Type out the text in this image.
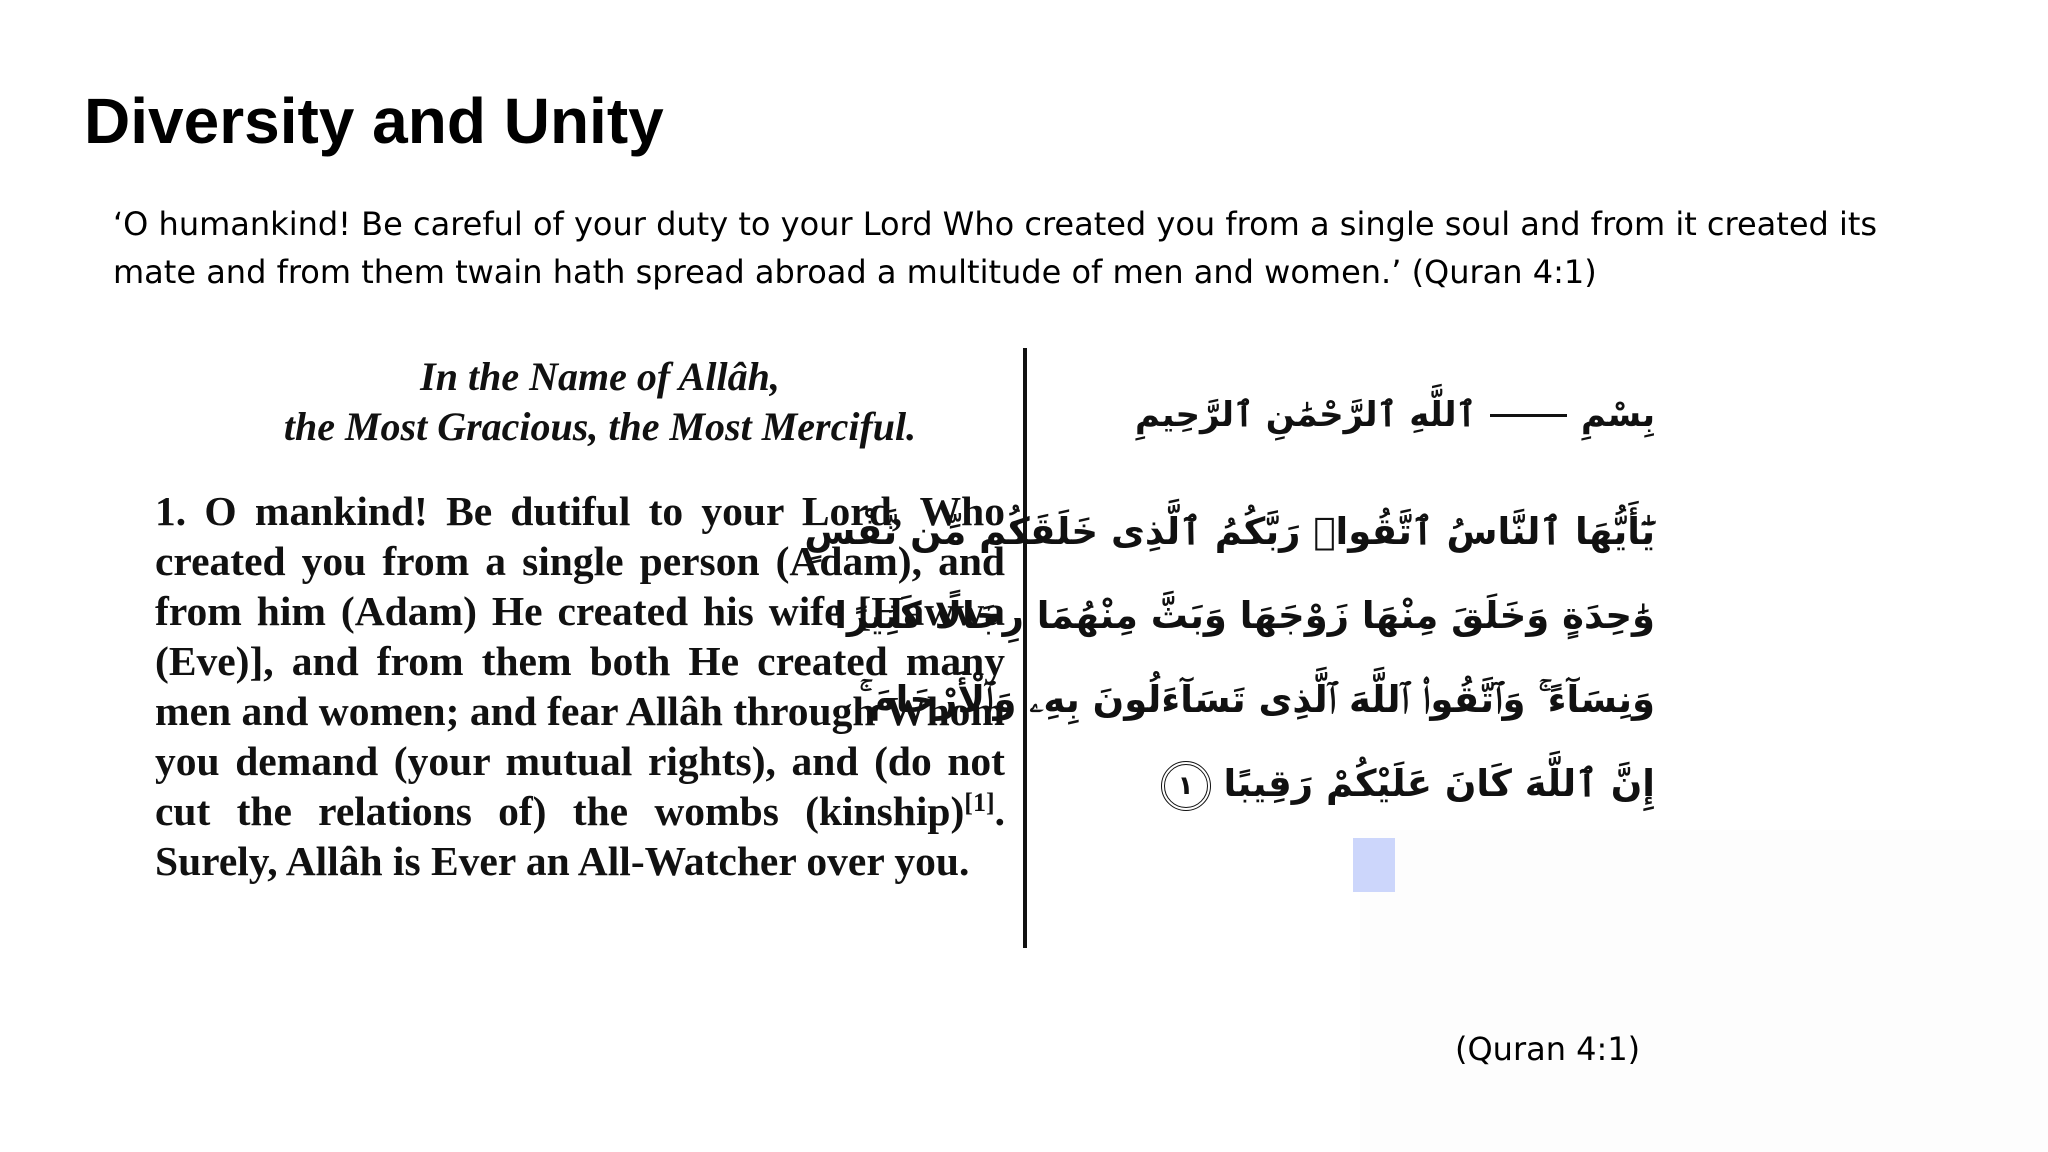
Diversity and Unity
‘O humankind! Be careful of your duty to your Lord Who created you from a single soul and from it created its
mate and from them twain hath spread abroad a multitude of men and women.’ (Quran 4:1)
In the Name of Allâh,
the Most Gracious, the Most Merciful.
1. O mankind! Be dutiful to your Lord, Who created you from a single person (Adam), and from him (Adam) He created his wife [Hawwa (Eve)], and from them both He created many men and women; and fear Allâh through Whom you demand (your mutual rights), and (do not cut the relations of) the wombs (kinship)[1]. Surely, Allâh is Ever an All-Watcher over you.
ٱللَّهِ ٱلرَّحْمَٰنِ ٱلرَّحِيمِ	بِسْمِ
يَٰٓأَيُّهَا ٱلنَّاسُ ٱتَّقُوا۟ رَبَّكُمُ ٱلَّذِى خَلَقَكُم مِّن نَّفْسٍ
وَٰحِدَةٍ وَخَلَقَ مِنْهَا زَوْجَهَا وَبَثَّ مِنْهُمَا رِجَالًا كَثِيرًا
وَنِسَآءً ۚ وَٱتَّقُوا۟ ٱللَّهَ ٱلَّذِى تَسَآءَلُونَ بِهِۦ وَٱلْأَرْحَامَ ۚ
إِنَّ ٱللَّهَ كَانَ عَلَيْكُمْ رَقِيبًا ١
(Quran 4:1)
